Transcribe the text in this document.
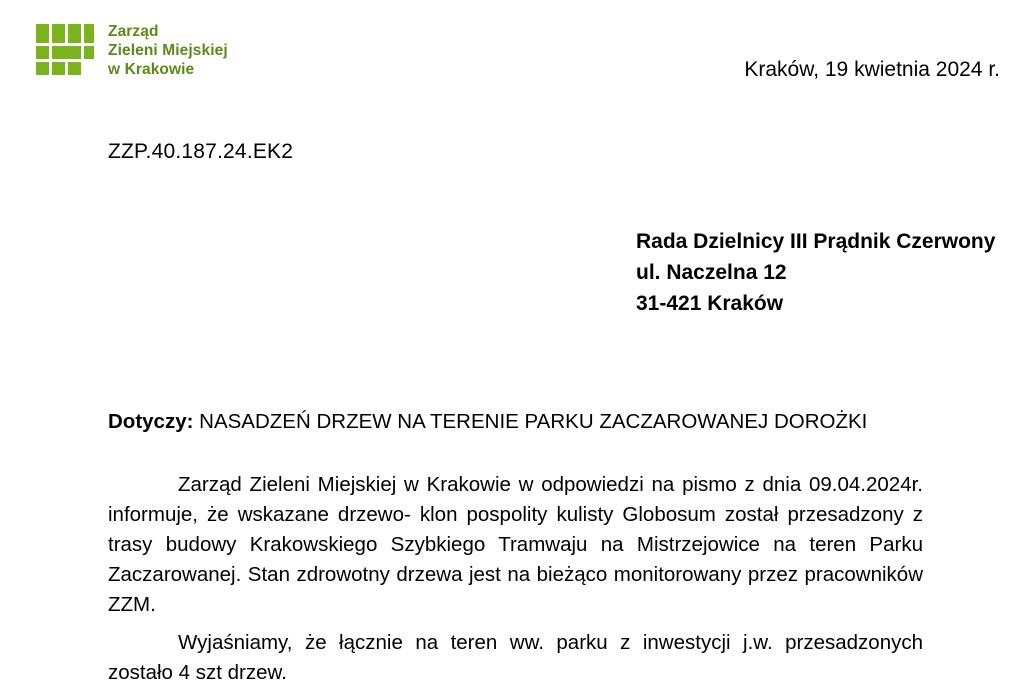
Zarząd
Zieleni Miejskiej
w Krakowie	Kraków, 19 kwietnia 2024 r.
ZZP.40.187.24.EK2
Rada Dzielnicy III Prądnik Czerwony
ul. Naczelna 12
31-421 Kraków
Dotyczy: NASADZEŃ DRZEW NA TERENIE PARKU ZACZAROWANEJ DOROŻKI

Zarząd Zieleni Miejskiej w Krakowie w odpowiedzi na pismo z dnia 09.04.2024r. informuje, że wskazane drzewo- klon pospolity kulisty Globosum został przesadzony z trasy budowy Krakowskiego Szybkiego Tramwaju na Mistrzejowice na teren Parku Zaczarowanej. Stan zdrowotny drzewa jest na bieżąco monitorowany przez pracowników ZZM.

Wyjaśniamy, że łącznie na teren ww. parku z inwestycji j.w. przesadzonych zostało 4 szt drzew.
